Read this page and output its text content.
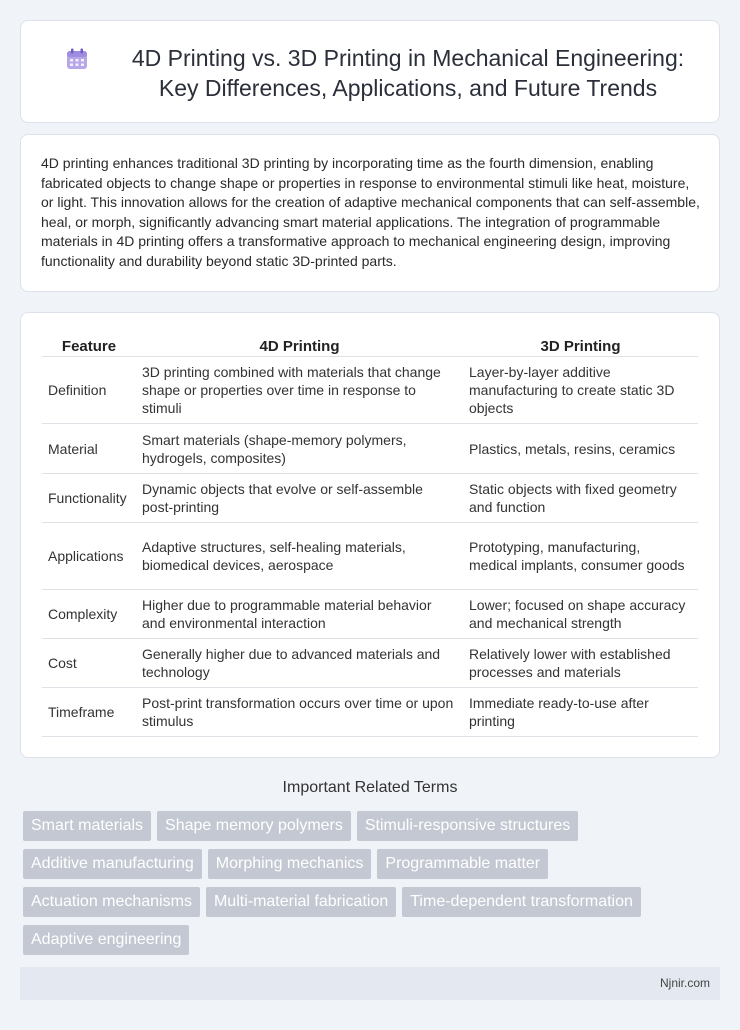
4D Printing vs. 3D Printing in Mechanical Engineering: Key Differences, Applications, and Future Trends

4D printing enhances traditional 3D printing by incorporating time as the fourth dimension, enabling fabricated objects to change shape or properties in response to environmental stimuli like heat, moisture, or light. This innovation allows for the creation of adaptive mechanical components that can self-assemble, heal, or morph, significantly advancing smart material applications. The integration of programmable materials in 4D printing offers a transformative approach to mechanical engineering design, improving functionality and durability beyond static 3D-printed parts.

Feature	4D Printing	3D Printing
Definition	3D printing combined with materials that change shape or properties over time in response to stimuli	Layer-by-layer additive manufacturing to create static 3D objects
Material	Smart materials (shape-memory polymers, hydrogels, composites)	Plastics, metals, resins, ceramics
Functionality	Dynamic objects that evolve or self-assemble post-printing	Static objects with fixed geometry and function
Applications	Adaptive structures, self-healing materials, biomedical devices, aerospace	Prototyping, manufacturing, medical implants, consumer goods
Complexity	Higher due to programmable material behavior and environmental interaction	Lower; focused on shape accuracy and mechanical strength
Cost	Generally higher due to advanced materials and technology	Relatively lower with established processes and materials
Timeframe	Post-print transformation occurs over time or upon stimulus	Immediate ready-to-use after printing
Important Related Terms
Smart materials	Shape memory polymers	Stimuli-responsive structures
Additive manufacturing	Morphing mechanics	Programmable matter
Actuation mechanisms	Multi-material fabrication	Time-dependent transformation
Adaptive engineering
Njnir.com
